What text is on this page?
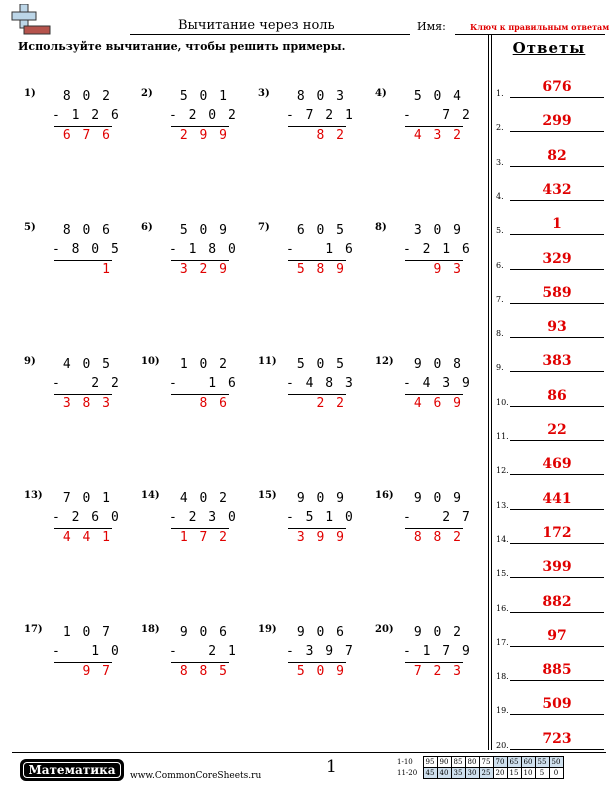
Вычитание через ноль	Имя:	Ключ к правильным ответам
Используйте вычитание, чтобы решить примеры.	Ответы
1.	676
2.	299
3.	82
4.	432
5.	1
6.	329
7.	589
8.	93
9.	383
10.	86
11.	22
12.	469
13.	441
14.	172
15.	399
16.	882
17.	97
18.	885
19.	509
20.	723
1)	8 0 2
- 1 2 6
6 7 6
2)	5 0 1
- 2 0 2
2 9 9
3)	8 0 3
- 7 2 1
8 2
4)	5 0 4
-   7 2
4 3 2
5)	8 0 6
- 8 0 5
1
6)	5 0 9
- 1 8 0
3 2 9
7)	6 0 5
-   1 6
5 8 9
8)	3 0 9
- 2 1 6
9 3
9)	4 0 5
-   2 2
3 8 3
10)	1 0 2
-   1 6
8 6
11)	5 0 5
- 4 8 3
2 2
12)	9 0 8
- 4 3 9
4 6 9
13)	7 0 1
- 2 6 0
4 4 1
14)	4 0 2
- 2 3 0
1 7 2
15)	9 0 9
- 5 1 0
3 9 9
16)	9 0 9
-   2 7
8 8 2
17)	1 0 7
-   1 0
9 7
18)	9 0 6
-   2 1
8 8 5
19)	9 0 6
- 3 9 7
5 0 9
20)	9 0 2
- 1 7 9
7 2 3
Математика	www.CommonCoreSheets.ru	1	1-10	95	90	85	80	75	70	65	60	55	50
11-20	45	40	35	30	25	20	15	10	5	0
